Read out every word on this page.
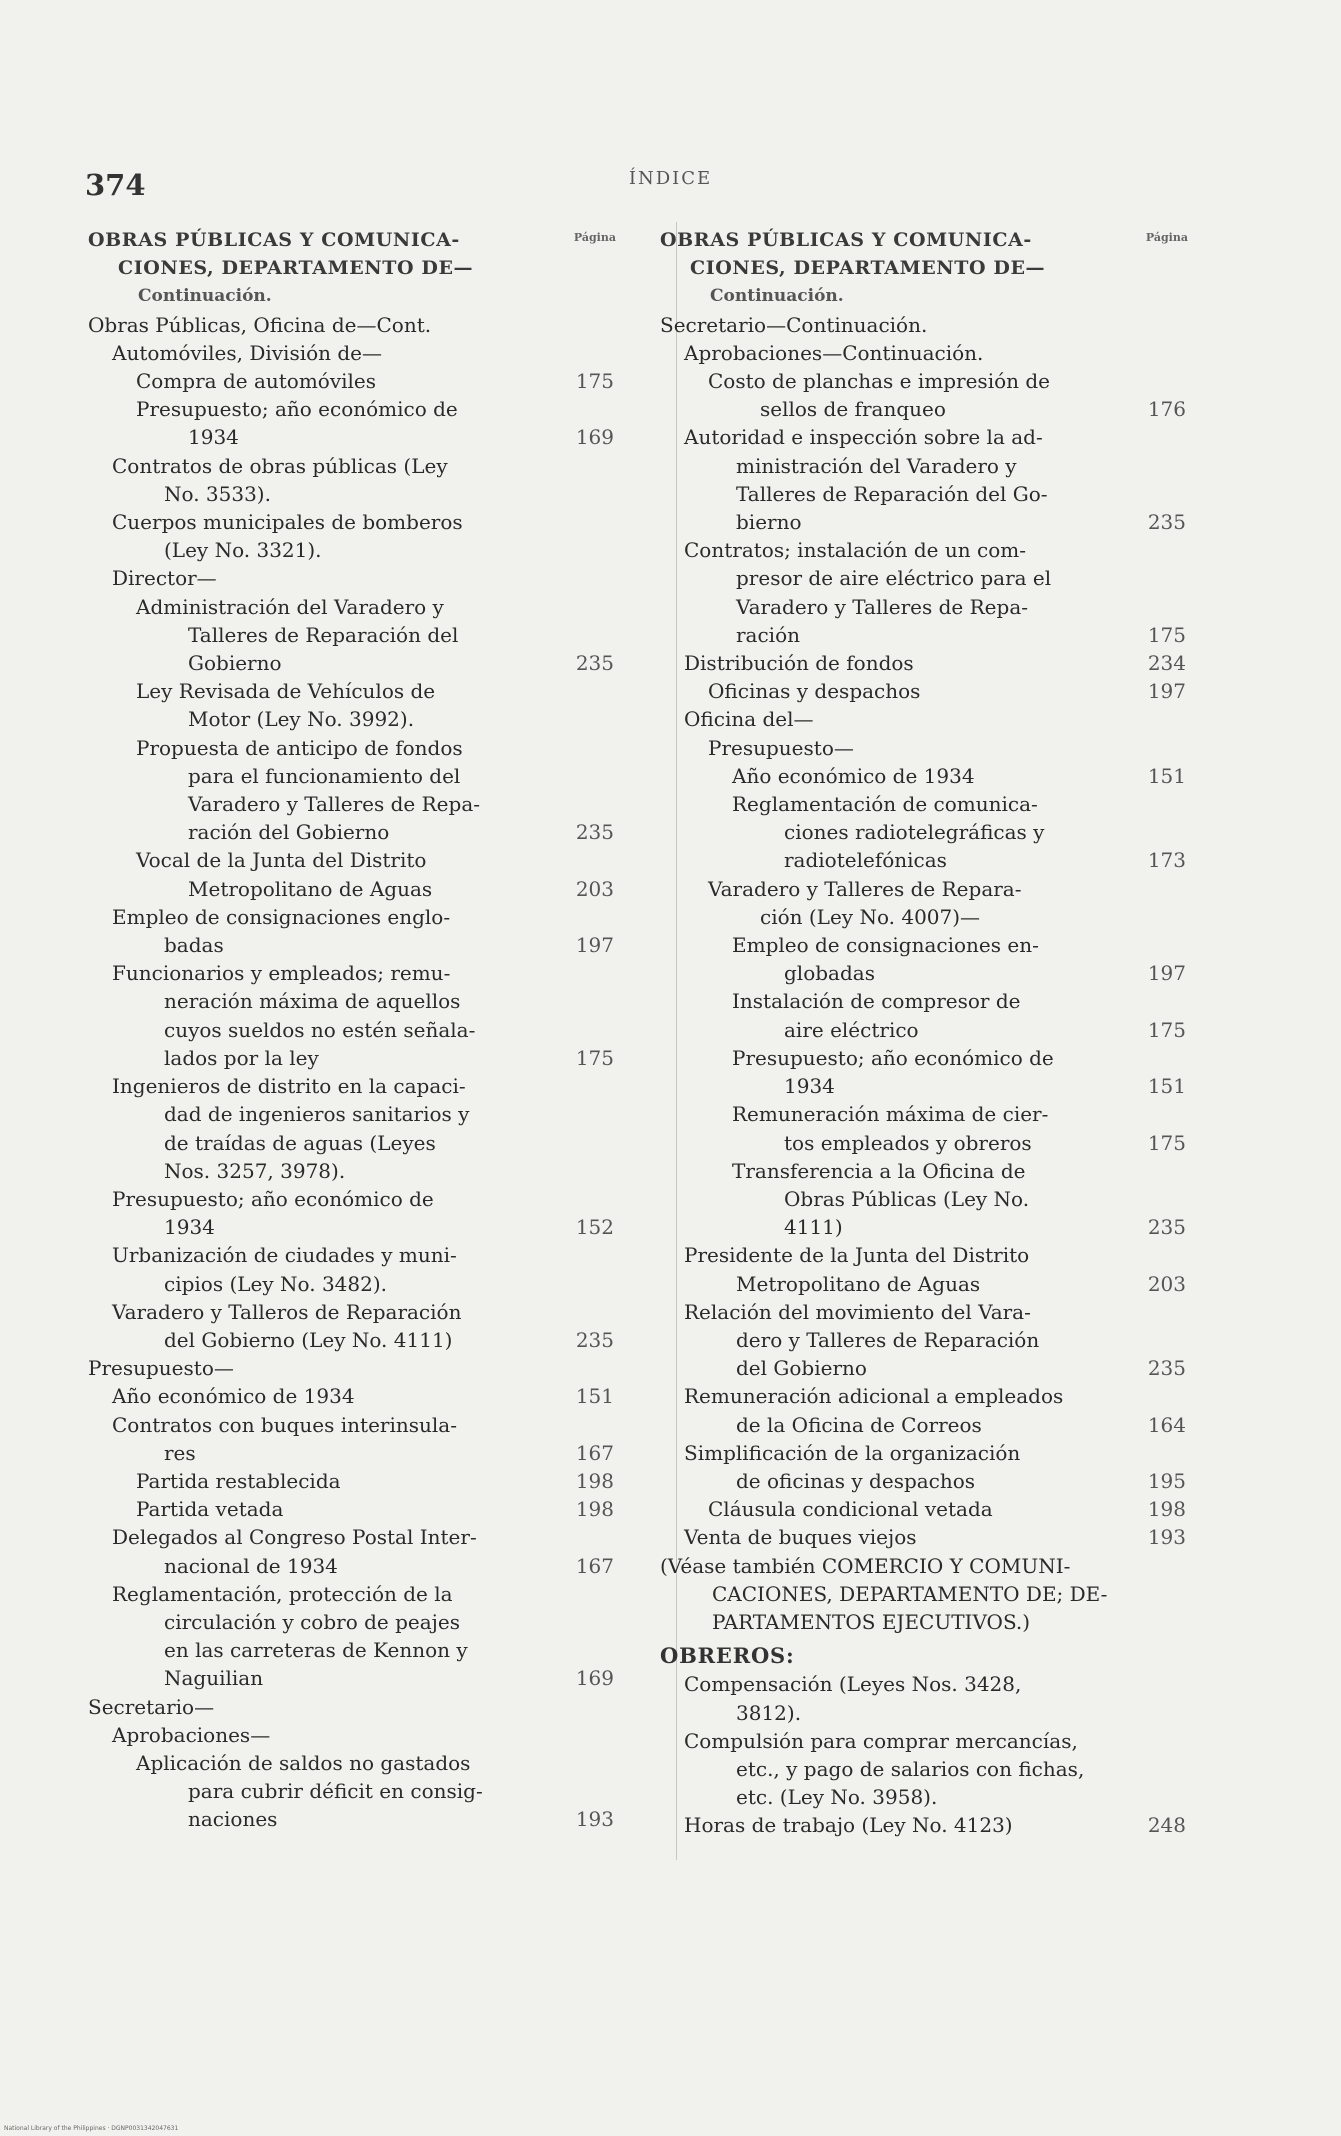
374	ÍNDICE
Página
OBRAS PÚBLICAS Y COMUNICA-
CIONES, DEPARTAMENTO DE—
Continuación.
Obras Públicas, Oficina de—Cont.
Automóviles, División de—
Compra de automóviles	175
Presupuesto; año económico de
1934	169
Contratos de obras públicas (Ley
No. 3533).
Cuerpos municipales de bomberos
(Ley No. 3321).
Director—
Administración del Varadero y
Talleres de Reparación del
Gobierno	235
Ley Revisada de Vehículos de
Motor (Ley No. 3992).
Propuesta de anticipo de fondos
para el funcionamiento del
Varadero y Talleres de Repa-
ración del Gobierno	235
Vocal de la Junta del Distrito
Metropolitano de Aguas	203
Empleo de consignaciones englo-
badas	197
Funcionarios y empleados; remu-
neración máxima de aquellos
cuyos sueldos no estén señala-
lados por la ley	175
Ingenieros de distrito en la capaci-
dad de ingenieros sanitarios y
de traídas de aguas (Leyes
Nos. 3257, 3978).
Presupuesto; año económico de
1934	152
Urbanización de ciudades y muni-
cipios (Ley No. 3482).
Varadero y Talleros de Reparación
del Gobierno (Ley No. 4111)	235
Presupuesto—
Año económico de 1934	151
Contratos con buques interinsula-
res	167
Partida restablecida	198
Partida vetada	198
Delegados al Congreso Postal Inter-
nacional de 1934	167
Reglamentación, protección de la
circulación y cobro de peajes
en las carreteras de Kennon y
Naguilian	169
Secretario—
Aprobaciones—
Aplicación de saldos no gastados
para cubrir déficit en consig-
naciones	193
Página
OBRAS PÚBLICAS Y COMUNICA-
CIONES, DEPARTAMENTO DE—
Continuación.
Secretario—Continuación.
Aprobaciones—Continuación.
Costo de planchas e impresión de
sellos de franqueo	176
Autoridad e inspección sobre la ad-
ministración del Varadero y
Talleres de Reparación del Go-
bierno	235
Contratos; instalación de un com-
presor de aire eléctrico para el
Varadero y Talleres de Repa-
ración	175
Distribución de fondos	234
Oficinas y despachos	197
Oficina del—
Presupuesto—
Año económico de 1934	151
Reglamentación de comunica-
ciones radiotelegráficas y
radiotelefónicas	173
Varadero y Talleres de Repara-
ción (Ley No. 4007)—
Empleo de consignaciones en-
globadas	197
Instalación de compresor de
aire eléctrico	175
Presupuesto; año económico de
1934	151
Remuneración máxima de cier-
tos empleados y obreros	175
Transferencia a la Oficina de
Obras Públicas (Ley No.
4111)	235
Presidente de la Junta del Distrito
Metropolitano de Aguas	203
Relación del movimiento del Vara-
dero y Talleres de Reparación
del Gobierno	235
Remuneración adicional a empleados
de la Oficina de Correos	164
Simplificación de la organización
de oficinas y despachos	195
Cláusula condicional vetada	198
Venta de buques viejos	193
(Véase también COMERCIO Y COMUNI-
CACIONES, DEPARTAMENTO DE; DE-
PARTAMENTOS EJECUTIVOS.)
OBREROS:
Compensación (Leyes Nos. 3428,
3812).
Compulsión para comprar mercancías,
etc., y pago de salarios con fichas,
etc. (Ley No. 3958).
Horas de trabajo (Ley No. 4123)	248
National Library of the Philippines · DGNP0031342047631
